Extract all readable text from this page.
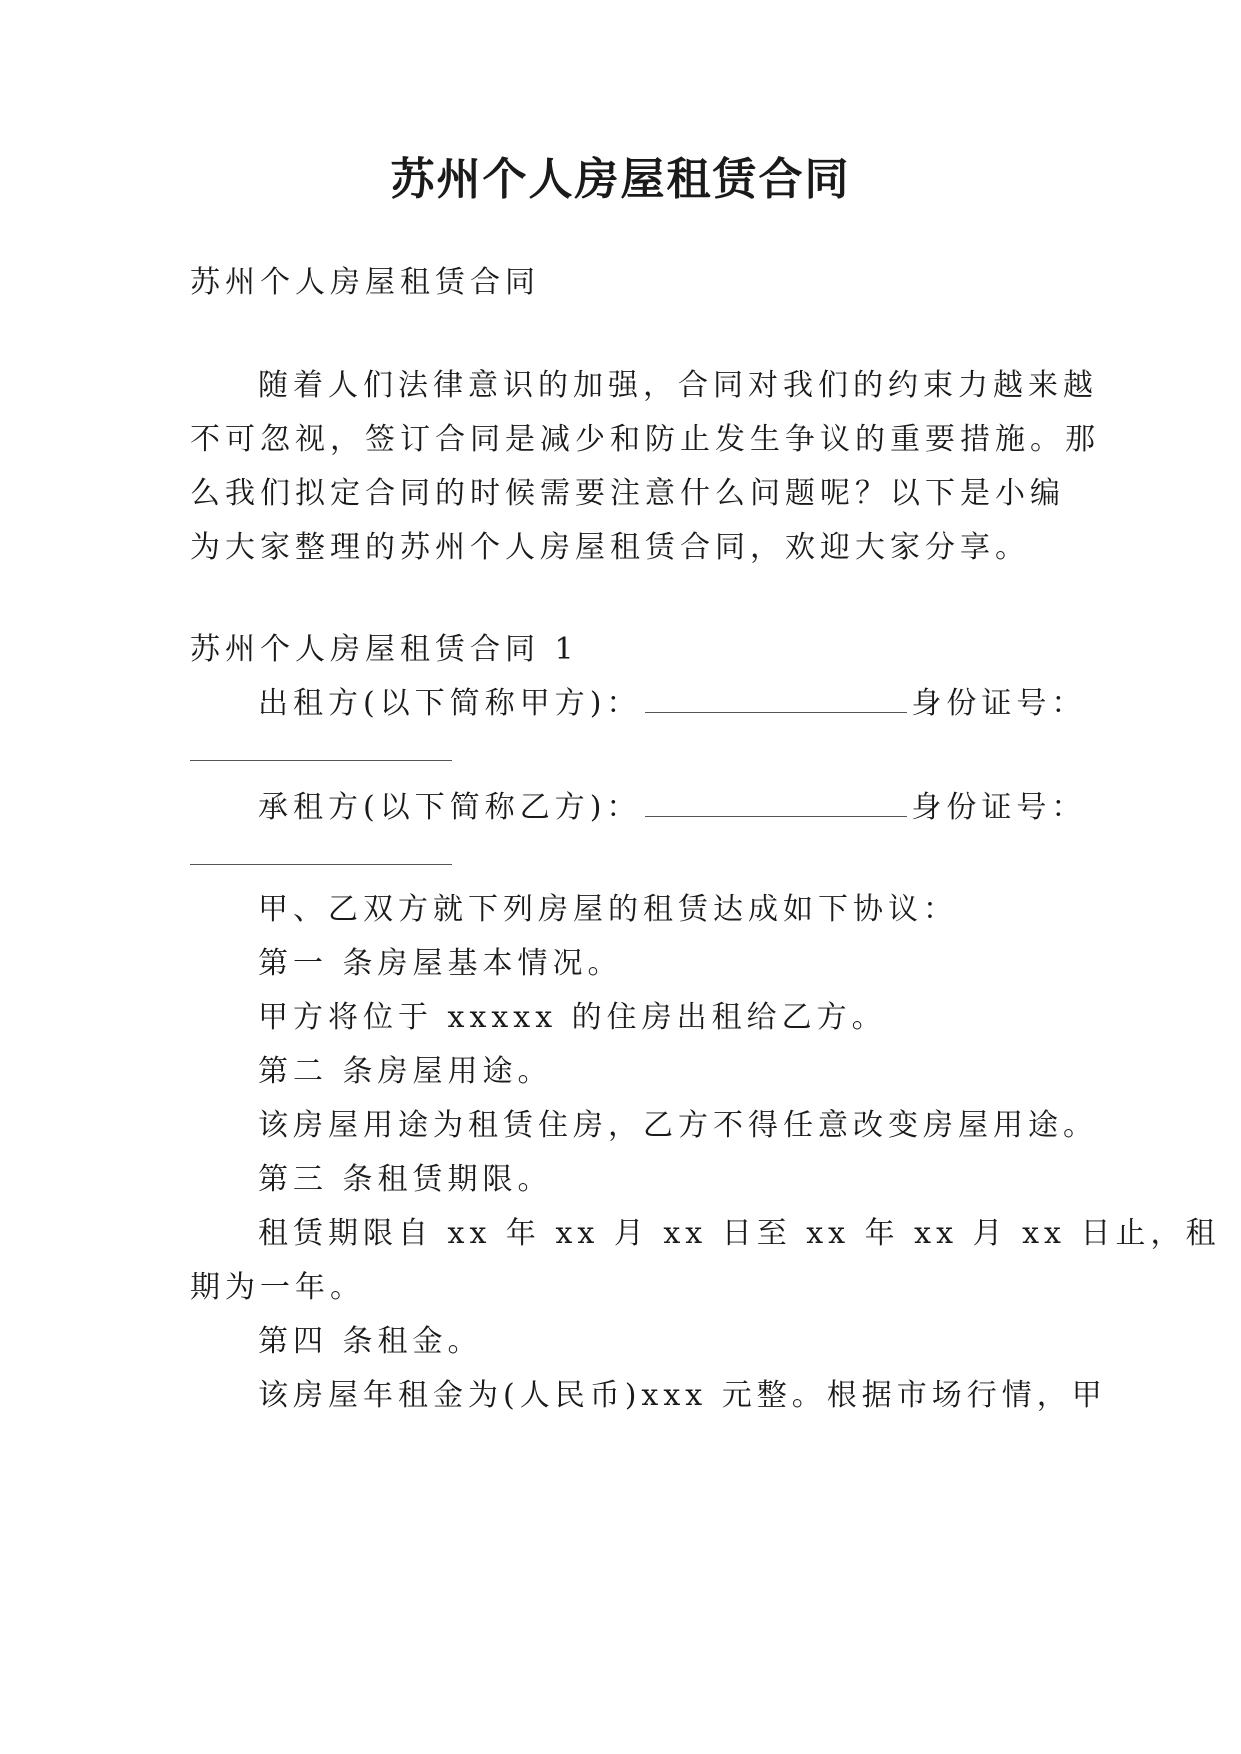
苏州个人房屋租赁合同
苏州个人房屋租赁合同
随着人们法律意识的加强，合同对我们的约束力越来越
不可忽视，签订合同是减少和防止发生争议的重要措施。那
么我们拟定合同的时候需要注意什么问题呢？以下是小编
为大家整理的苏州个人房屋租赁合同，欢迎大家分享。
苏州个人房屋租赁合同 1
出租方(以下简称甲方)：	身份证号：
承租方(以下简称乙方)：	身份证号：
甲、乙双方就下列房屋的租赁达成如下协议：
第一 条房屋基本情况。
甲方将位于 xxxxx 的住房出租给乙方。
第二 条房屋用途。
该房屋用途为租赁住房，乙方不得任意改变房屋用途。
第三 条租赁期限。
租赁期限自 xx 年 xx 月 xx 日至 xx 年 xx 月 xx 日止，租
期为一年。
第四 条租金。
该房屋年租金为(人民币)xxx 元整。根据市场行情，甲
